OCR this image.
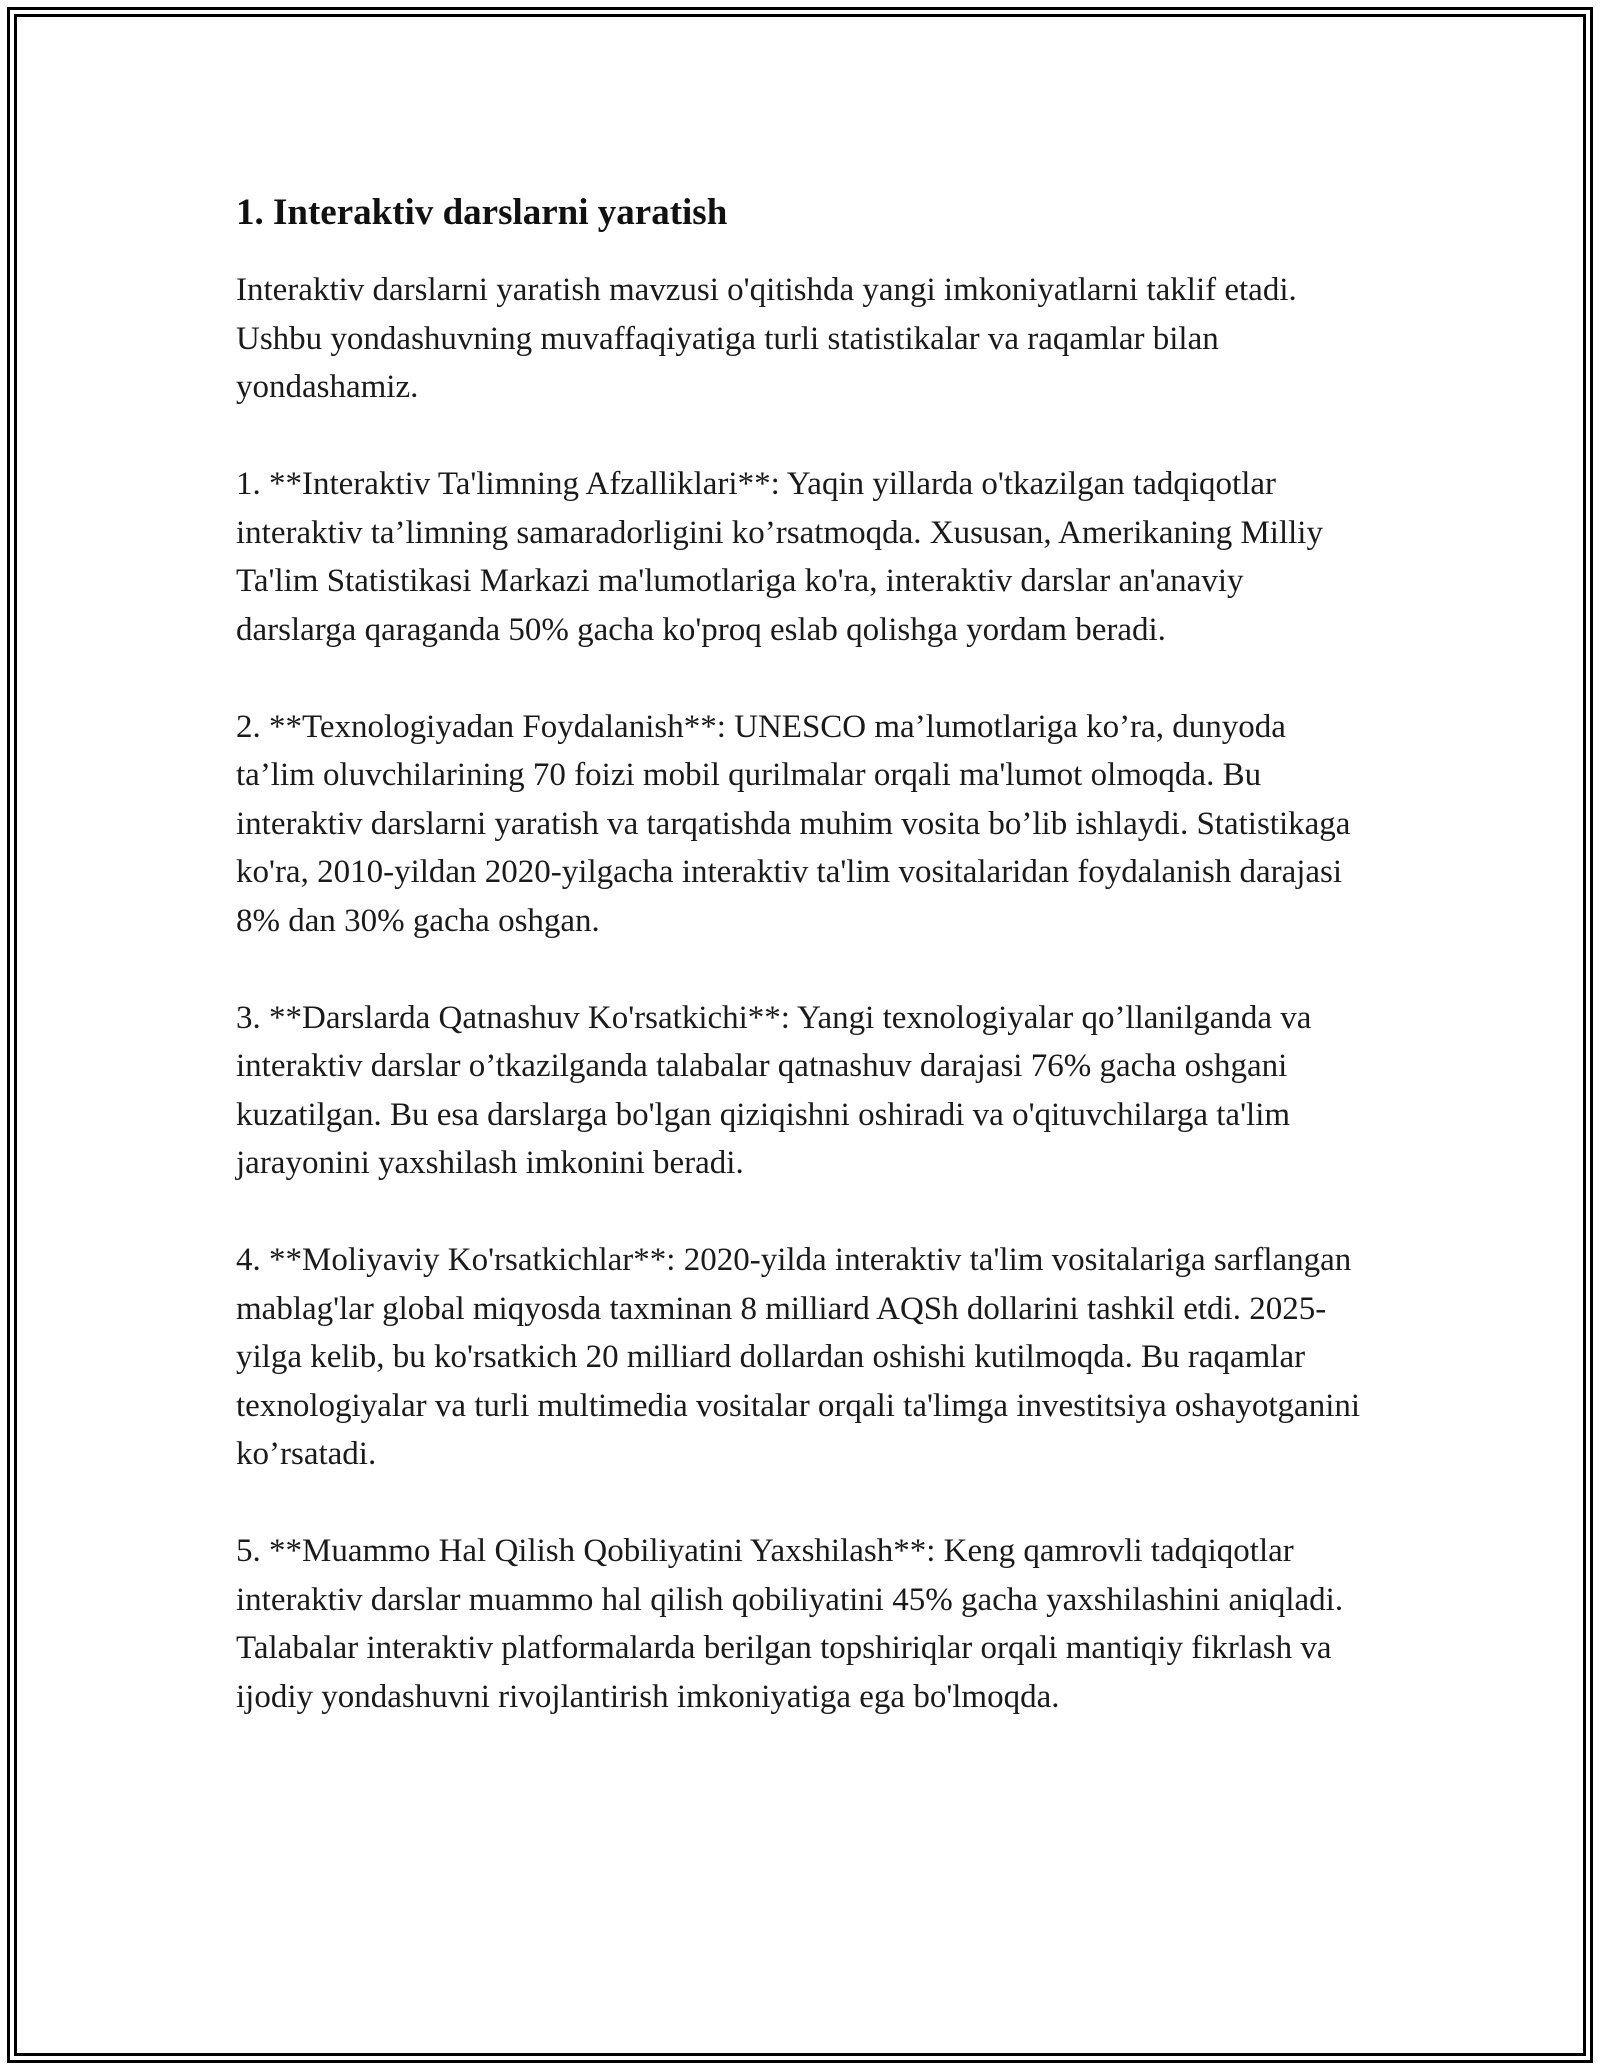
1. Interaktiv darslarni yaratish

Interaktiv darslarni yaratish mavzusi o'qitishda yangi imkoniyatlarni taklif etadi. Ushbu yondashuvning muvaffaqiyatiga turli statistikalar va raqamlar bilan yondashamiz.

1. **Interaktiv Ta'limning Afzalliklari**: Yaqin yillarda o'tkazilgan tadqiqotlar interaktiv ta’limning samaradorligini ko’rsatmoqda. Xususan, Amerikaning Milliy Ta'lim Statistikasi Markazi ma'lumotlariga ko'ra, interaktiv darslar an'anaviy darslarga qaraganda 50% gacha ko'proq eslab qolishga yordam beradi.

2. **Texnologiyadan Foydalanish**: UNESCO ma’lumotlariga ko’ra, dunyoda ta’lim oluvchilarining 70 foizi mobil qurilmalar orqali ma'lumot olmoqda. Bu interaktiv darslarni yaratish va tarqatishda muhim vosita bo’lib ishlaydi. Statistikaga ko'ra, 2010-yildan 2020-yilgacha interaktiv ta'lim vositalaridan foydalanish darajasi 8% dan 30% gacha oshgan.

3. **Darslarda Qatnashuv Ko'rsatkichi**: Yangi texnologiyalar qo’llanilganda va interaktiv darslar o’tkazilganda talabalar qatnashuv darajasi 76% gacha oshgani kuzatilgan. Bu esa darslarga bo'lgan qiziqishni oshiradi va o'qituvchilarga ta'lim jarayonini yaxshilash imkonini beradi.

4. **Moliyaviy Ko'rsatkichlar**: 2020-yilda interaktiv ta'lim vositalariga sarflangan mablag'lar global miqyosda taxminan 8 milliard AQSh dollarini tashkil etdi. 2025-yilga kelib, bu ko'rsatkich 20 milliard dollardan oshishi kutilmoqda. Bu raqamlar texnologiyalar va turli multimedia vositalar orqali ta'limga investitsiya oshayotganini ko’rsatadi.

5. **Muammo Hal Qilish Qobiliyatini Yaxshilash**: Keng qamrovli tadqiqotlar interaktiv darslar muammo hal qilish qobiliyatini 45% gacha yaxshilashini aniqladi. Talabalar interaktiv platformalarda berilgan topshiriqlar orqali mantiqiy fikrlash va ijodiy yondashuvni rivojlantirish imkoniyatiga ega bo'lmoqda.
